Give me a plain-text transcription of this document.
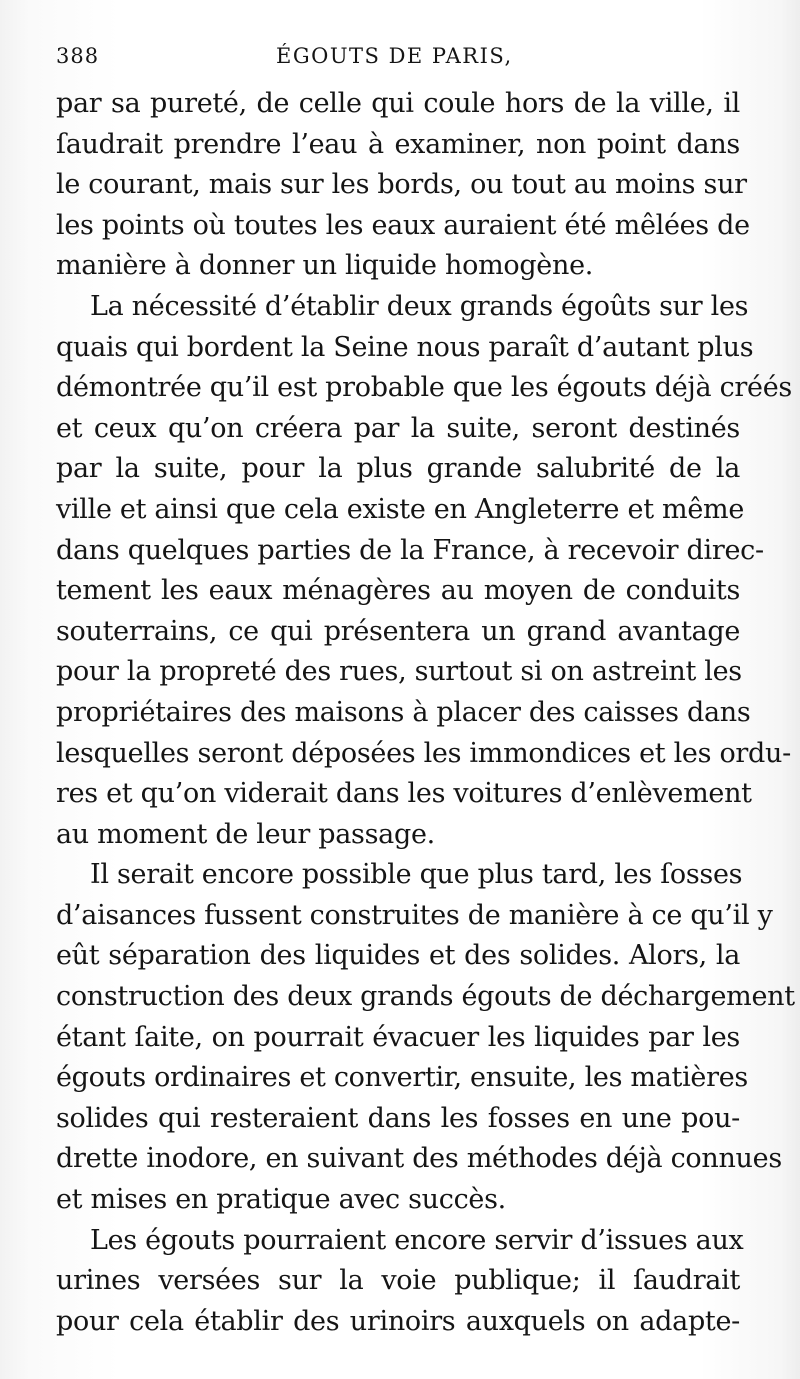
388	ÉGOUTS DE PARIS,
par sa pureté, de celle qui coule hors de la ville, il
ſaudrait prendre l’eau à examiner, non point dans
le courant, mais sur les bords, ou tout au moins sur
les points où toutes les eaux auraient été mêlées de
manière à donner un liquide homogène.
La nécessité d’établir deux grands égoûts sur les
quais qui bordent la Seine nous paraît d’autant plus
démontrée qu’il est probable que les égouts déjà créés
et ceux qu’on créera par la suite, seront destinés
par la suite, pour la plus grande salubrité de la
ville et ainsi que cela existe en Angleterre et même
dans quelques parties de la France, à recevoir direc-
tement les eaux ménagères au moyen de conduits
souterrains, ce qui présentera un grand avantage
pour la propreté des rues, surtout si on astreint les
propriétaires des maisons à placer des caisses dans
lesquelles seront déposées les immondices et les ordu-
res et qu’on viderait dans les voitures d’enlèvement
au moment de leur passage.
Il serait encore possible que plus tard, les ſosses
d’aisances fussent construites de manière à ce qu’il y
eût séparation des liquides et des solides. Alors, la
construction des deux grands égouts de déchargement
étant ſaite, on pourrait évacuer les liquides par les
égouts ordinaires et convertir, ensuite, les matières
solides qui resteraient dans les fosses en une pou-
drette inodore, en suivant des méthodes déjà connues
et mises en pratique avec succès.
Les égouts pourraient encore servir d’issues aux
urines versées sur la voie publique; il ſaudrait
pour cela établir des urinoirs auxquels on adapte-
